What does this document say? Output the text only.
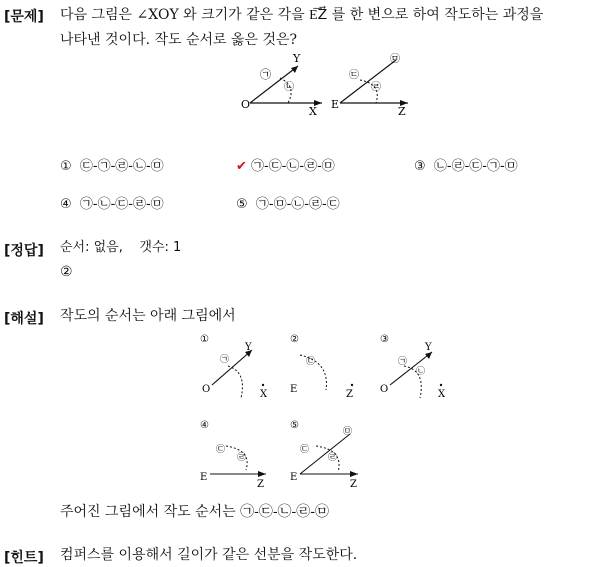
[문제] 다음 그림은 ∠XOY 와 크기가 같은 각을 E͞Z⃗ 를 한 변으로 하여 작도하는 과정을
나타낸 것이다. 작도 순서로 옳은 것은?
O
X
Y
㉠
㉡
E
Z
㉢
㉣
㉤
① ㉢-㉠-㉣-㉡-㉤	✔ ㉠-㉢-㉡-㉣-㉤	③ ㉡-㉣-㉢-㉠-㉤
④ ㉠-㉡-㉢-㉣-㉤	⑤ ㉠-㉤-㉡-㉣-㉢
[정답] 순서: 없음,    갯수: 1
②
[해설] 작도의 순서는 아래 그림에서
①
O
Y
X
㉠
②
E	Z
㉢
③
O
Y
X
㉠
㉡
④
E
Z
㉢
㉣
⑤
E
Z
㉢
㉣
㉤
주어진 그림에서 작도 순서는 ㉠-㉢-㉡-㉣-㉤
[힌트] 컴퍼스를 이용해서 길이가 같은 선분을 작도한다.
